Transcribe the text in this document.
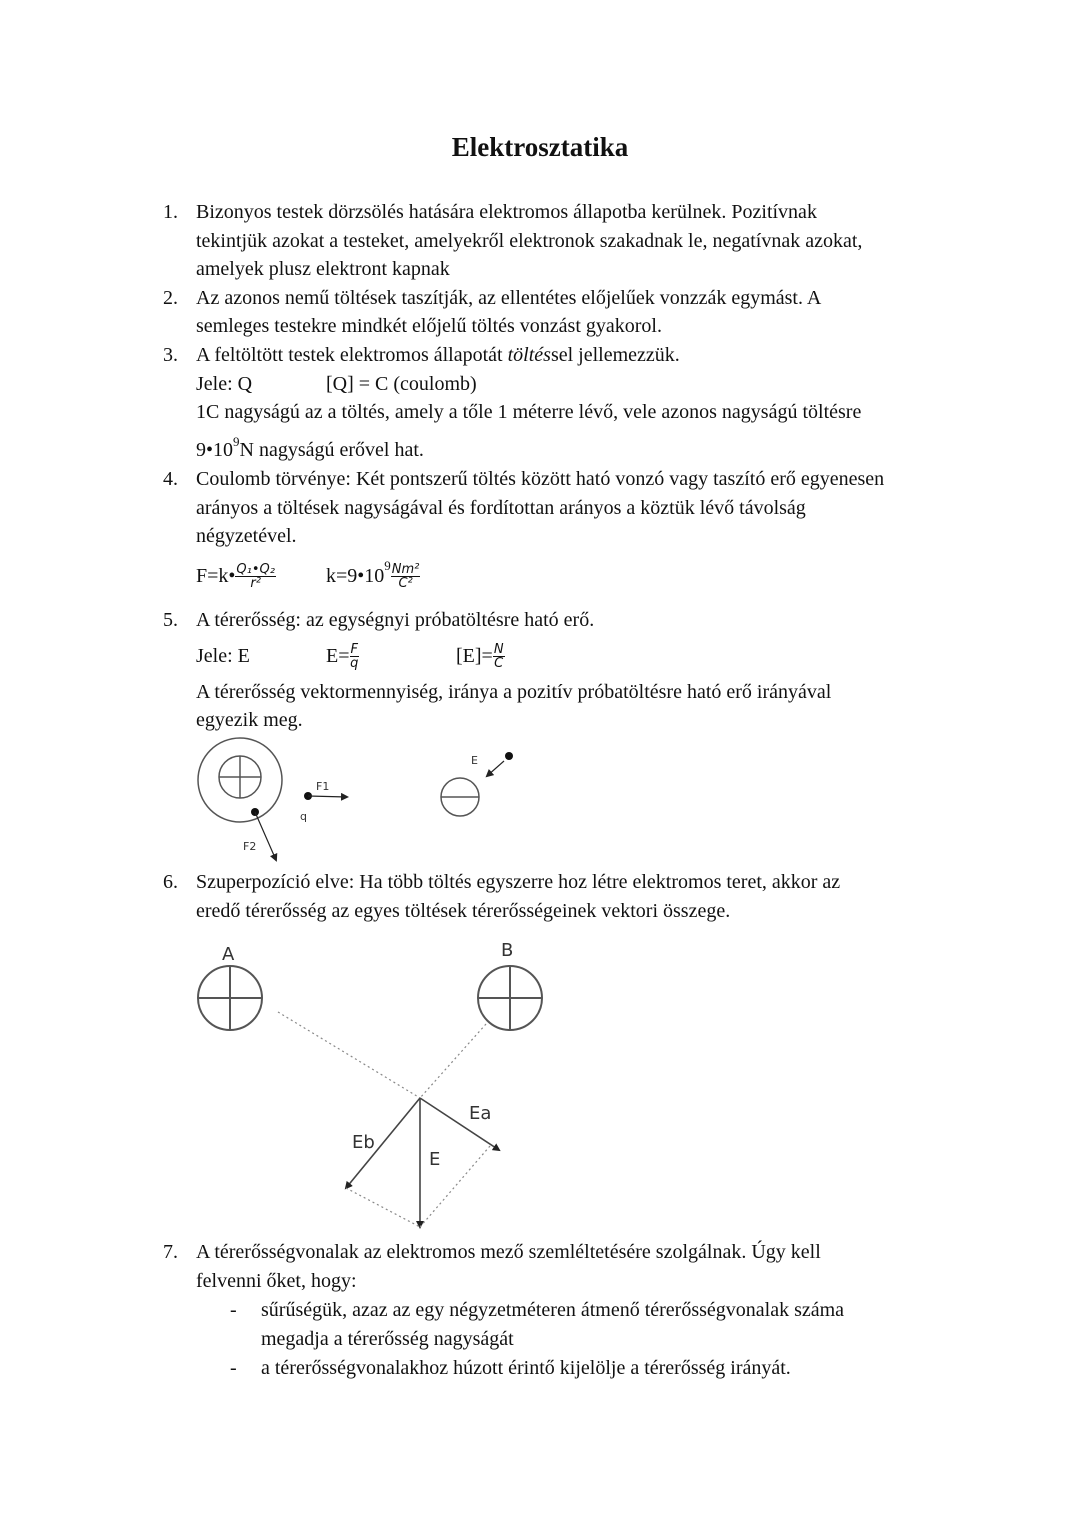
Elektrosztatika
1. Bizonyos testek dörzsölés hatására elektromos állapotba kerülnek. Pozitívnak
tekintjük azokat a testeket, amelyekről elektronok szakadnak le, negatívnak azokat,
amelyek plusz elektront kapnak
2. Az azonos nemű töltések taszítják, az ellentétes előjelűek vonzzák egymást. A
semleges testekre mindkét előjelű töltés vonzást gyakorol.
3. A feltöltött testek elektromos állapotát töltéssel jellemezzük.
Jele: Q	[Q] = C (coulomb)
1C nagyságú az a töltés, amely a tőle 1 méterre lévő, vele azonos nagyságú töltésre
$9•10^9N$ nagyságú erővel hat.
4. Coulomb törvénye: Két pontszerű töltés között ható vonzó vagy taszító erő egyenesen
arányos a töltések nagyságával és fordítottan arányos a köztük lévő távolság
négyzetével.
F=k• $\frac{\text{Q₁•Q₂}}{\text{r²}}$	k=9•10 $9 \frac{\text{Nm²}}{\text{C²}}$
5. A térerősség: az egységnyi próbatöltésre ható erő.
Jele: E	$E= \frac{F}{q}$	$[E]= \frac{N}{C}$
A térerősség vektormennyiség, iránya a pozitív próbatöltésre ható erő irányával
egyezik meg.
6. Szuperpozíció elve: Ha több töltés egyszerre hoz létre elektromos teret, akkor az
eredő térerősség az egyes töltések térerősségeinek vektori összege.
7. A térerősségvonalak az elektromos mező szemléltetésére szolgálnak. Úgy kell
felvenni őket, hogy:
- sűrűségük, azaz az egy négyzetméteren átmenő térerősségvonalak száma
megadja a térerősség nagyságát
- a térerősségvonalakhoz húzott érintő kijelölje a térerősség irányát.
F1
q
F2
E
A	B
Ea
Eb
E
